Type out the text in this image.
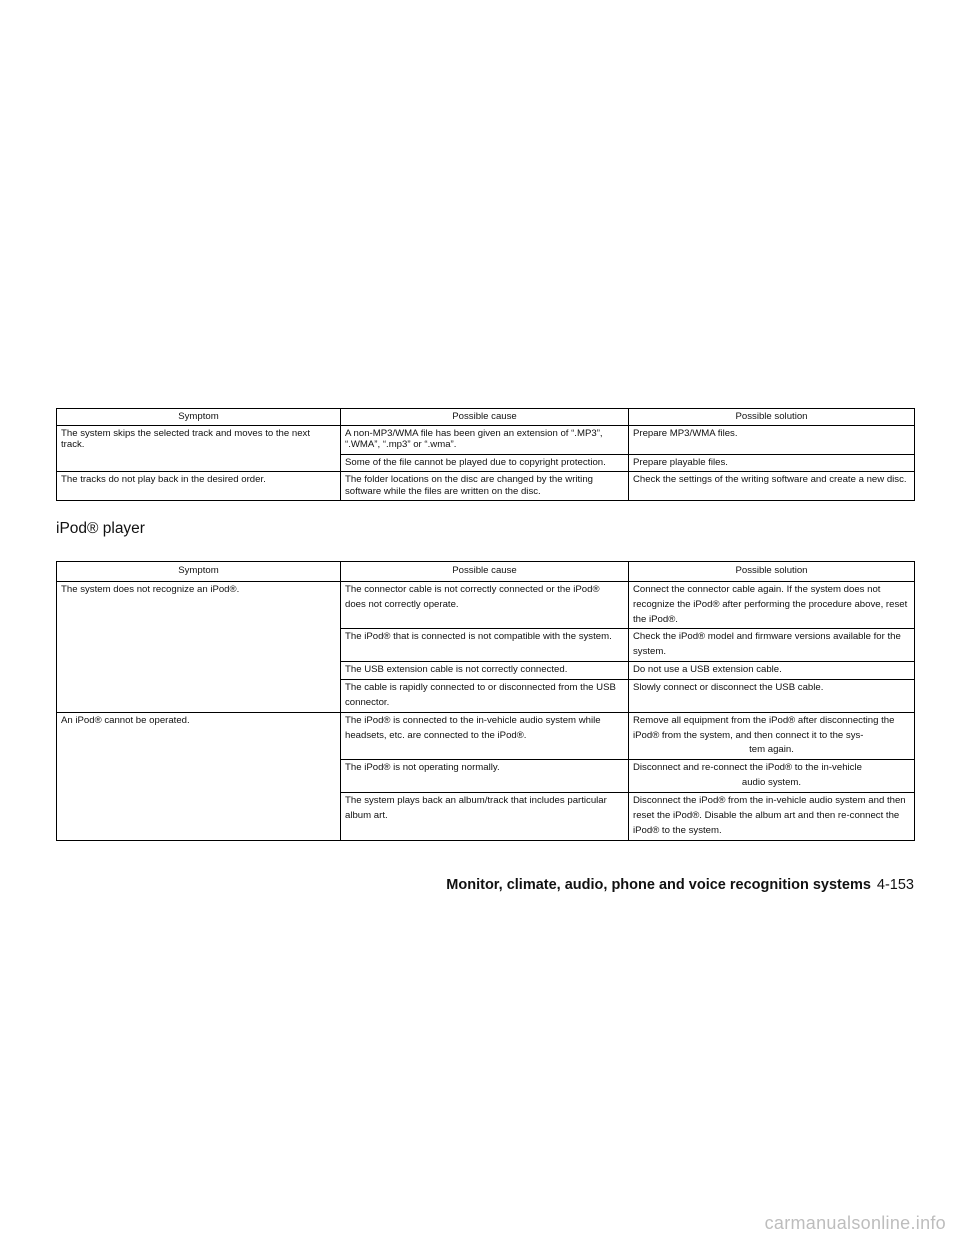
Symptom	Possible cause	Possible solution
The system skips the selected track and moves to the next track.	A non-MP3/WMA file has been given an extension of “.MP3”, “.WMA”, “.mp3” or “.wma”.	Prepare MP3/WMA files.
	Some of the file cannot be played due to copyright protection.	Prepare playable files.
The tracks do not play back in the desired order.	The folder locations on the disc are changed by the writing software while the files are written on the disc.	Check the settings of the writing software and create a new disc.
iPod® player
Symptom	Possible cause	Possible solution
The system does not recognize an iPod®.	The connector cable is not correctly connected or the iPod® does not correctly operate.	Connect the connector cable again. If the system does not recognize the iPod® after performing the procedure above, reset the iPod®.
	The iPod® that is connected is not compatible with the system.	Check the iPod® model and firmware versions available for the system.
	The USB extension cable is not correctly connected.	Do not use a USB extension cable.
	The cable is rapidly connected to or disconnected from the USB connector.	Slowly connect or disconnect the USB cable.
An iPod® cannot be operated.	The iPod® is connected to the in-vehicle audio system while headsets, etc. are connected to the iPod®.	Remove all equipment from the iPod® after disconnecting the iPod® from the system, and then connect it to the sys-
tem again.

	The iPod® is not operating normally.	Disconnect and re-connect the iPod® to the in-vehicle
audio system.

	The system plays back an album/track that includes particular album art.	Disconnect the iPod® from the in-vehicle audio system and then reset the iPod®. Disable the album art and then re-connect the iPod® to the system.
Monitor, climate, audio, phone and voice recognition systems 4-153
carmanualsonline.info
